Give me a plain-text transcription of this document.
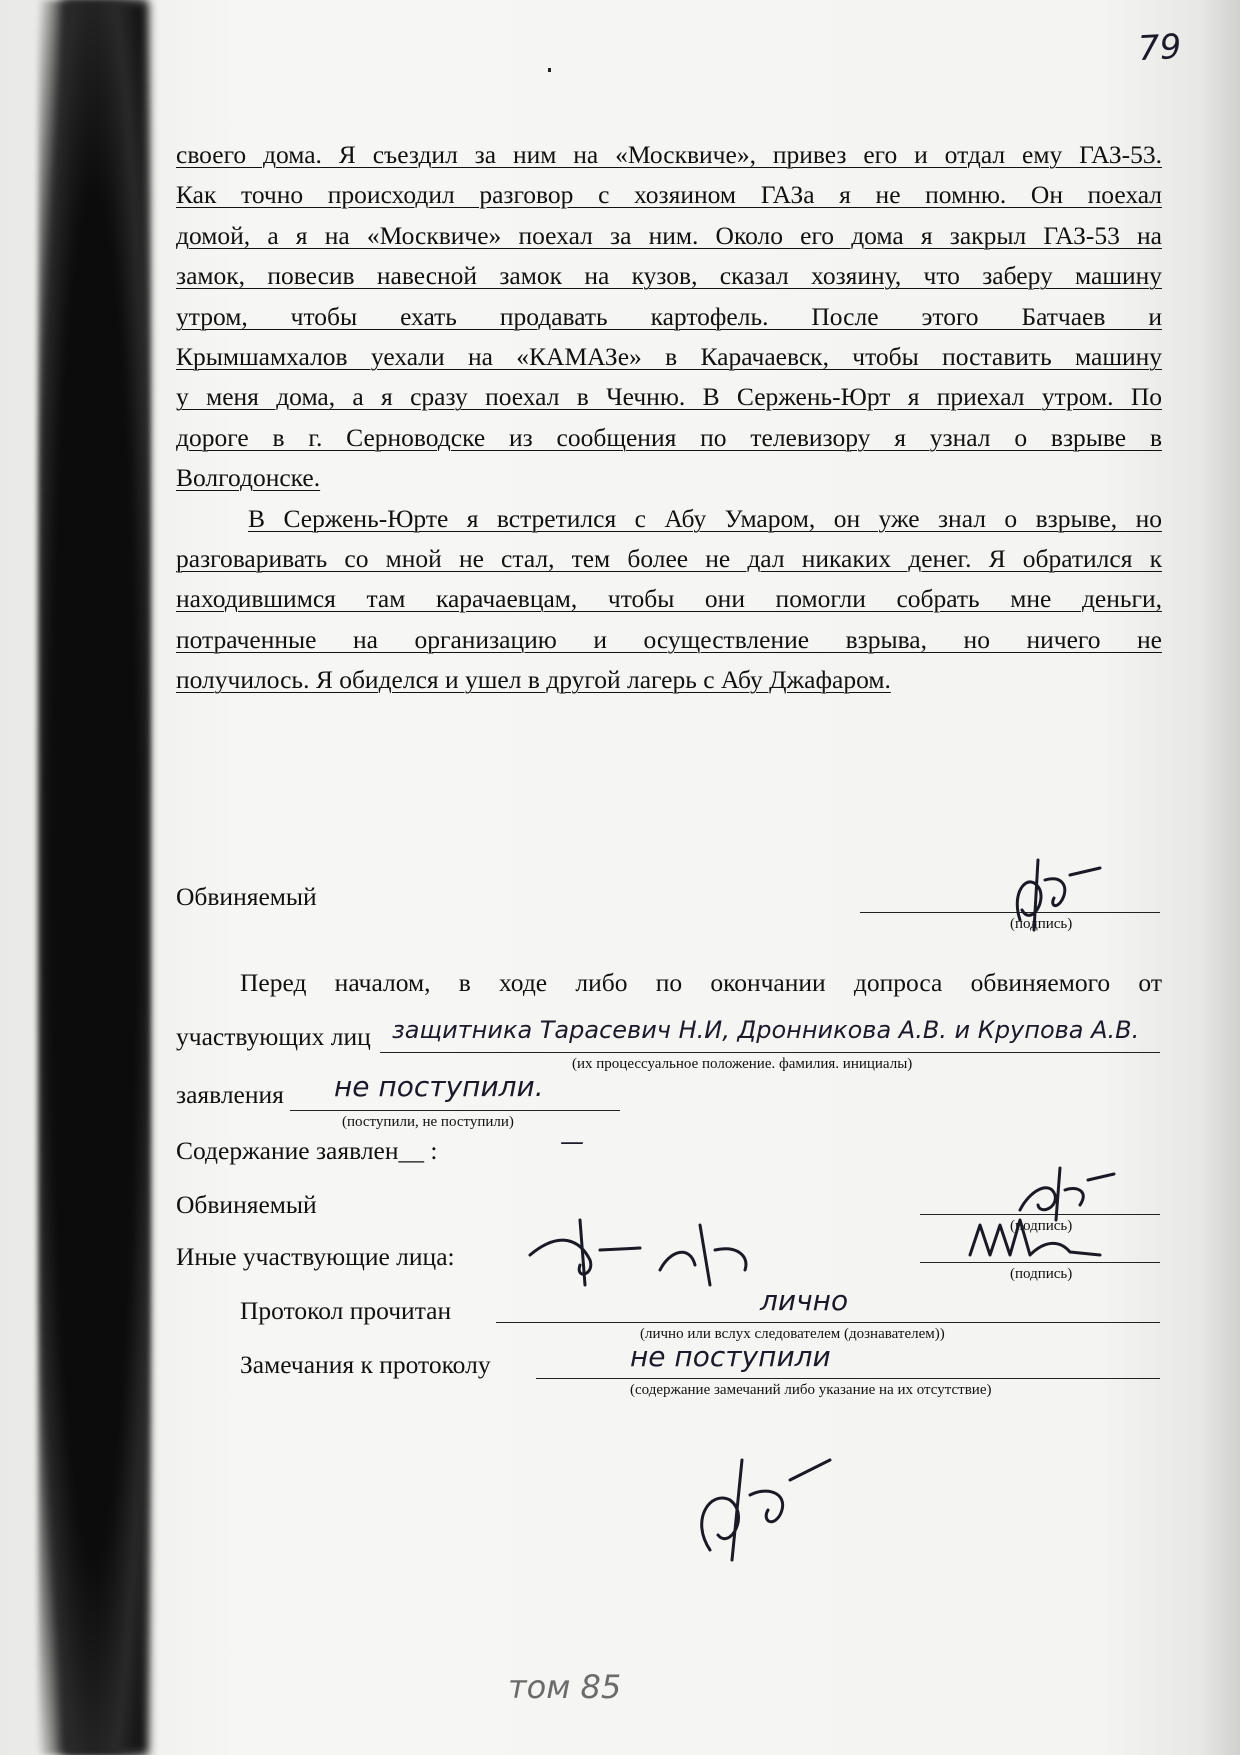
79
своего дома. Я съездил за ним на «Москвиче», привез его и отдал ему ГАЗ-53.
Как точно происходил разговор с хозяином ГАЗа я не помню. Он поехал
домой, а я на «Москвиче» поехал за ним. Около его дома я закрыл ГАЗ-53 на
замок, повесив навесной замок на кузов, сказал хозяину, что заберу машину
утром, чтобы ехать продавать картофель. После этого Батчаев и
Крымшамхалов уехали на «КАМАЗе» в Карачаевск, чтобы поставить машину
у меня дома, а я сразу поехал в Чечню. В Сержень-Юрт я приехал утром. По
дороге в г. Серноводске из сообщения по телевизору я узнал о взрыве в
Волгодонске.
В Сержень-Юрте я встретился с Абу Умаром, он уже знал о взрыве, но
разговаривать со мной не стал, тем более не дал никаких денег. Я обратился к
находившимся там карачаевцам, чтобы они помогли собрать мне деньги,
потраченные на организацию и осуществление взрыва, но ничего не
получилось. Я обиделся и ушел в другой лагерь с Абу Джафаром.
Обвиняемый
(подпись)
Перед началом, в ходе либо по окончании допроса обвиняемого от
участвующих лиц защитника Тарасевич Н.И, Дронникова А.В. и Крупова А.В.
(их процессуальное положение. фамилия. инициалы)
заявления не поступили.
(поступили, не поступили)
Содержание заявлен__ :	—
Обвиняемый
(подпись)
Иные участвующие лица:
(подпись)
Протокол прочитан	лично
(лично или вслух следователем (дознавателем))
Замечания к протоколу	не поступили
(содержание замечаний либо указание на их отсутствие)
том 85
